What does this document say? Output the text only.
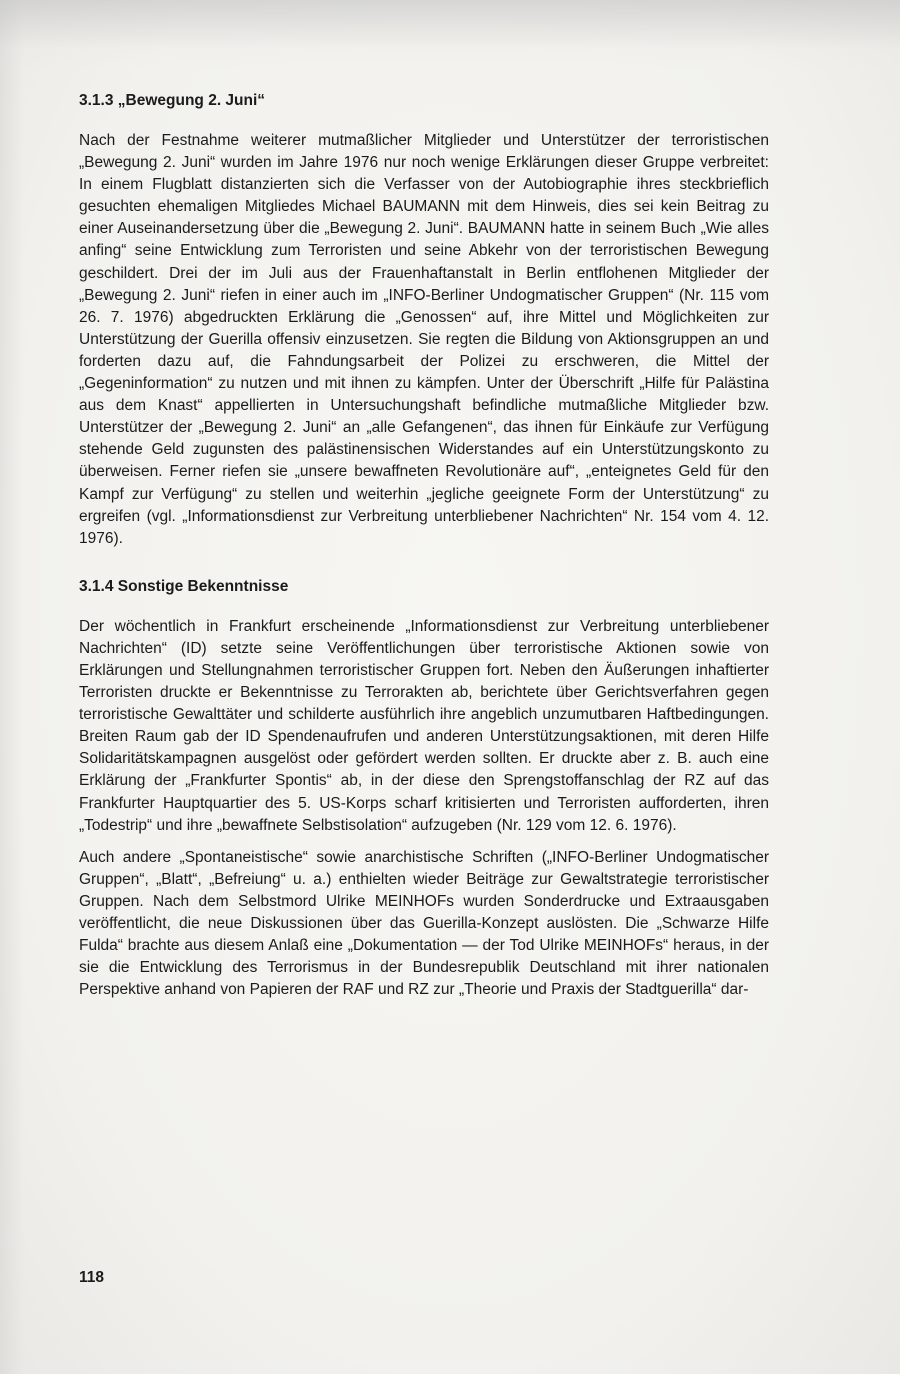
3.1.3 „Bewegung 2. Juni“

Nach der Festnahme weiterer mutmaßlicher Mitglieder und Unterstützer der terroristischen „Bewegung 2. Juni“ wurden im Jahre 1976 nur noch wenige Erklärungen dieser Gruppe verbreitet: In einem Flugblatt distanzierten sich die Verfasser von der Autobiographie ihres steckbrieflich gesuchten ehemaligen Mitgliedes Michael BAUMANN mit dem Hinweis, dies sei kein Beitrag zu einer Auseinandersetzung über die „Bewegung 2. Juni“. BAUMANN hatte in seinem Buch „Wie alles anfing“ seine Entwicklung zum Terroristen und seine Abkehr von der terroristischen Bewegung geschildert. Drei der im Juli aus der Frauenhaftanstalt in Berlin entflohenen Mitglieder der „Bewegung 2. Juni“ riefen in einer auch im „INFO-Berliner Undogmatischer Gruppen“ (Nr. 115 vom 26. 7. 1976) abgedruckten Erklärung die „Genossen“ auf, ihre Mittel und Möglichkeiten zur Unterstützung der Guerilla offensiv einzusetzen. Sie regten die Bildung von Aktionsgruppen an und forderten dazu auf, die Fahndungsarbeit der Polizei zu erschweren, die Mittel der „Gegeninformation“ zu nutzen und mit ihnen zu kämpfen. Unter der Überschrift „Hilfe für Palästina aus dem Knast“ appellierten in Untersuchungshaft befindliche mutmaßliche Mitglieder bzw. Unterstützer der „Bewegung 2. Juni“ an „alle Gefangenen“, das ihnen für Einkäufe zur Verfügung stehende Geld zugunsten des palästinensischen Widerstandes auf ein Unterstützungskonto zu überweisen. Ferner riefen sie „unsere bewaffneten Revolutionäre auf“, „enteignetes Geld für den Kampf zur Verfügung“ zu stellen und weiterhin „jegliche geeignete Form der Unterstützung“ zu ergreifen (vgl. „Informationsdienst zur Verbreitung unterbliebener Nachrichten“ Nr. 154 vom 4. 12. 1976).

3.1.4 Sonstige Bekenntnisse

Der wöchentlich in Frankfurt erscheinende „Informationsdienst zur Verbreitung unterbliebener Nachrichten“ (ID) setzte seine Veröffentlichungen über terroristische Aktionen sowie von Erklärungen und Stellungnahmen terroristischer Gruppen fort. Neben den Äußerungen inhaftierter Terroristen druckte er Bekenntnisse zu Terrorakten ab, berichtete über Gerichtsverfahren gegen terroristische Gewalttäter und schilderte ausführlich ihre angeblich unzumutbaren Haftbedingungen. Breiten Raum gab der ID Spendenaufrufen und anderen Unterstützungsaktionen, mit deren Hilfe Solidaritätskampagnen ausgelöst oder gefördert werden sollten. Er druckte aber z. B. auch eine Erklärung der „Frankfurter Spontis“ ab, in der diese den Sprengstoffanschlag der RZ auf das Frankfurter Hauptquartier des 5. US-Korps scharf kritisierten und Terroristen aufforderten, ihren „Todestrip“ und ihre „bewaffnete Selbstisolation“ aufzugeben (Nr. 129 vom 12. 6. 1976).

Auch andere „Spontaneistische“ sowie anarchistische Schriften („INFO-Berliner Undogmatischer Gruppen“, „Blatt“, „Befreiung“ u. a.) enthielten wieder Beiträge zur Gewaltstrategie terroristischer Gruppen. Nach dem Selbstmord Ulrike MEINHOFs wurden Sonderdrucke und Extraausgaben veröffentlicht, die neue Diskussionen über das Guerilla-Konzept auslösten. Die „Schwarze Hilfe Fulda“ brachte aus diesem Anlaß eine „Dokumentation — der Tod Ulrike MEINHOFs“ heraus, in der sie die Entwicklung des Terrorismus in der Bundesrepublik Deutschland mit ihrer nationalen Perspektive anhand von Papieren der RAF und RZ zur „Theorie und Praxis der Stadtguerilla“ dar-

118
